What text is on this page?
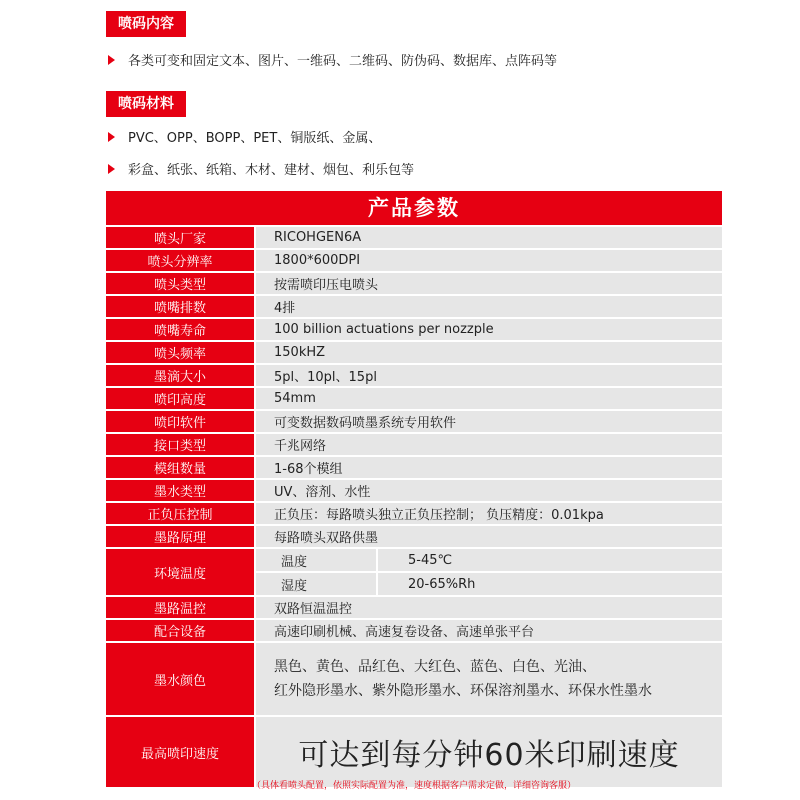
喷码内容
各类可变和固定文本、图片、一维码、二维码、防伪码、数据库、点阵码等
喷码材料
PVC、OPP、BOPP、PET、铜版纸、金属、
彩盒、纸张、纸箱、木材、建材、烟包、利乐包等
产品参数
喷头厂家	RICOHGEN6A
喷头分辨率	1800*600DPI
喷头类型	按需喷印压电喷头
喷嘴排数	4排
喷嘴寿命	100 billion actuations per nozzple
喷头频率	150kHZ
墨滴大小	5pl、10pl、15pl
喷印高度	54mm
喷印软件	可变数据数码喷墨系统专用软件
接口类型	千兆网络
模组数量	1-68个模组
墨水类型	UV、溶剂、水性
正负压控制	正负压：每路喷头独立正负压控制； 负压精度：0.01kpa
墨路原理	每路喷头双路供墨
环境温度
温度	5-45℃
湿度	20-65%Rh
墨路温控	双路恒温温控
配合设备	高速印刷机械、高速复卷设备、高速单张平台
墨水颜色
黑色、黄色、品红色、大红色、蓝色、白色、光油、
红外隐形墨水、紫外隐形墨水、环保溶剂墨水、环保水性墨水
最高喷印速度	可达到每分钟60米印刷速度
（具体看喷头配置，依照实际配置为准，速度根据客户需求定做，详细咨询客服）
